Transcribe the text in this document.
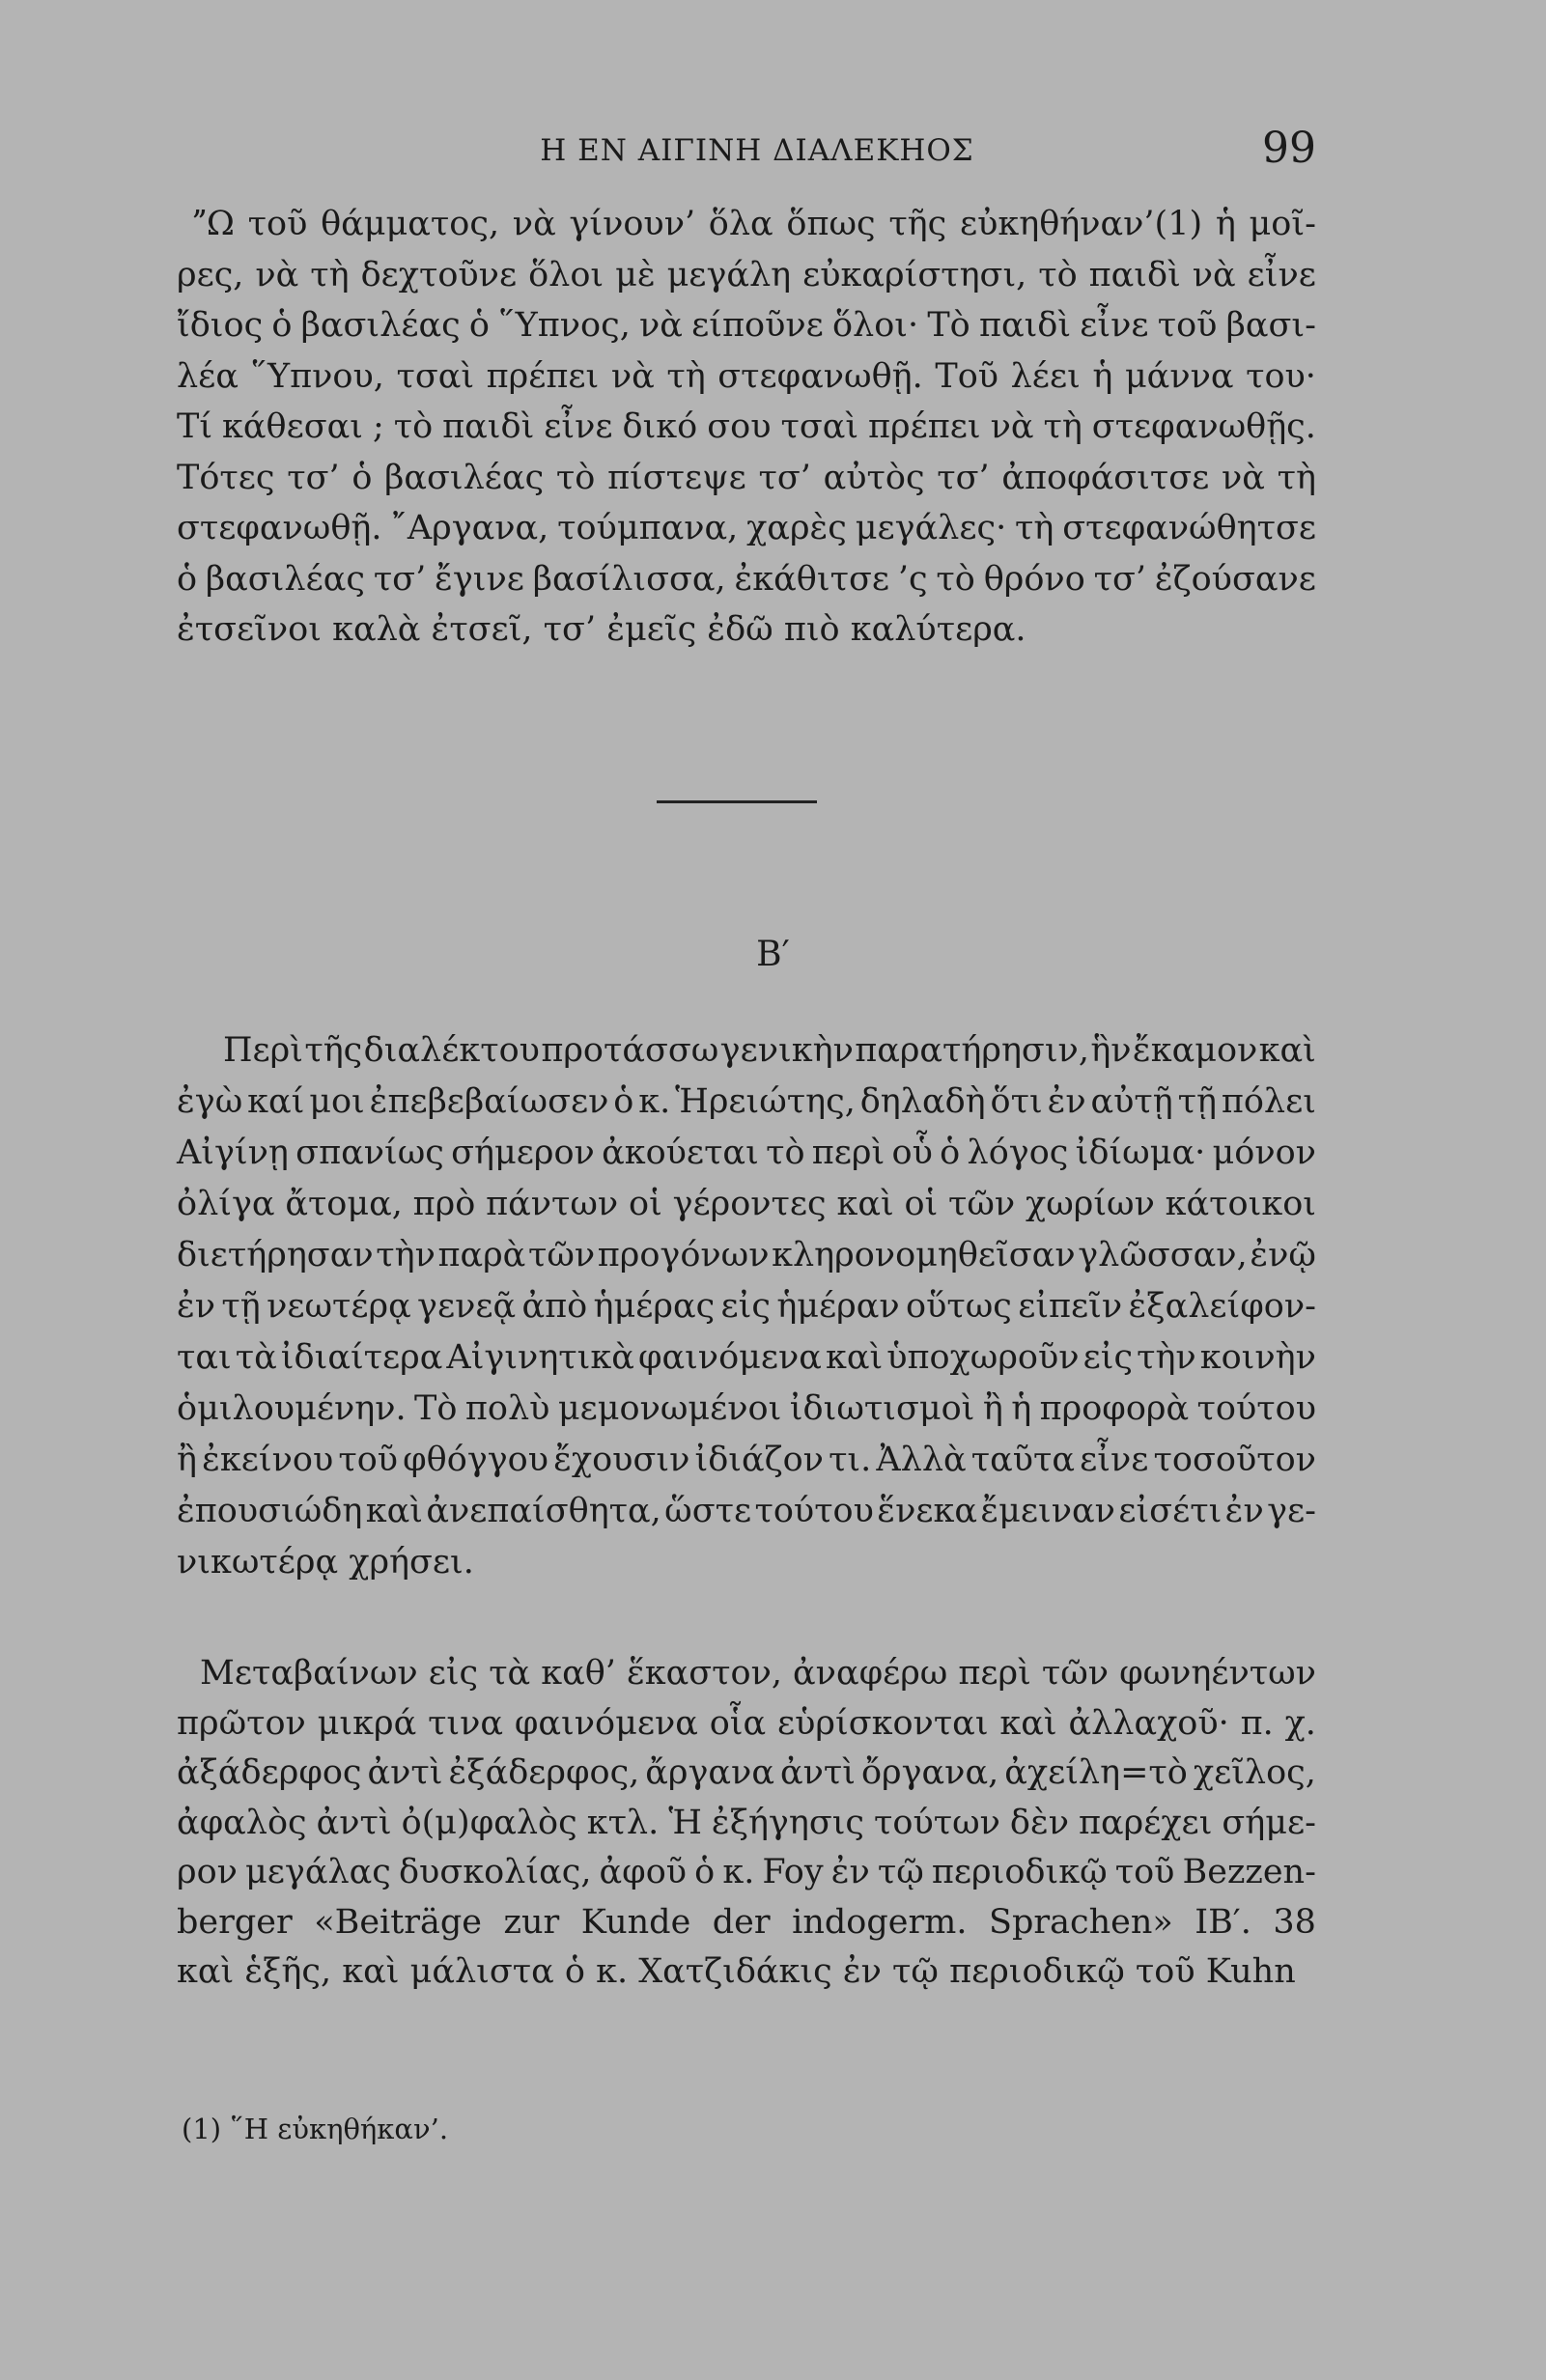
Η ΕΝ ΑΙΓΙΝΗ ΔΙΑΛΕΚΗΟΣ	99
ˮΩ τοῦ θάμματος, νὰ γίνουν’ ὅλα ὅπως τῆς εὐκηθήναν’(1) ἡ μοῖ-
ρες, νὰ τὴ δεχτοῦνε ὅλοι μὲ μεγάλη εὐκαρίστησι, τὸ παιδὶ νὰ εἶνε
ἴδιος ὁ βασιλέας ὁ ῞Υπνος, νὰ είποῦνε ὅλοι· Τὸ παιδὶ εἶνε τοῦ βασι-
λέα ῞Υπνου, τσαὶ πρέπει νὰ τὴ στεφανωθῇ. Τοῦ λέει ἡ μάννα του·
Τί κάθεσαι ; τὸ παιδὶ εἶνε δικό σου τσαὶ πρέπει νὰ τὴ στεφανωθῇς.
Τότες τσ’ ὁ βασιλέας τὸ πίστεψε τσ’ αὐτὸς τσ’ ἀποφάσιτσε νὰ τὴ
στεφανωθῇ. ῎Αργανα, τούμπανα, χαρὲς μεγάλες· τὴ στεφανώθητσε
ὁ βασιλέας τσ’ ἔγινε βασίλισσα, ἐκάθιτσε ’ς τὸ θρόνο τσ’ ἐζούσανε
ἐτσεῖνοι καλὰ ἐτσεῖ, τσ’ ἐμεῖς ἐδῶ πιὸ καλύτερα.
Β′
Περὶ τῆς διαλέκτου προτάσσω γενικὴν παρατήρησιν, ἣν ἔκαμον καὶ
ἐγὼ καί μοι ἐπεβεβαίωσεν ὁ κ. Ἡρειώτης, δηλαδὴ ὅτι ἐν αὐτῇ τῇ πόλει
Αἰγίνῃ σπανίως σήμερον ἀκούεται τὸ περὶ οὗ ὁ λόγος ἰδίωμα· μόνον
ὀλίγα ἄτομα, πρὸ πάντων οἱ γέροντες καὶ οἱ τῶν χωρίων κάτοικοι
διετήρησαν τὴν παρὰ τῶν προγόνων κληρονομηθεῖσαν γλῶσσαν, ἐνῷ
ἐν τῇ νεωτέρᾳ γενεᾷ ἀπὸ ἡμέρας εἰς ἡμέραν οὕτως εἰπεῖν ἐξαλείφον-
ται τὰ ἰδιαίτερα Αἰγινητικὰ φαινόμενα καὶ ὑποχωροῦν εἰς τὴν κοινὴν
ὁμιλουμένην. Τὸ πολὺ μεμονωμένοι ἰδιωτισμοὶ ἢ ἡ προφορὰ τούτου
ἢ ἐκείνου τοῦ φθόγγου ἔχουσιν ἰδιάζον τι. Ἀλλὰ ταῦτα εἶνε τοσοῦτον
ἐπουσιώδη καὶ ἀνεπαίσθητα, ὥστε τούτου ἕνεκα ἔμειναν εἰσέτι ἐν γε-
νικωτέρᾳ χρήσει.
Μεταβαίνων εἰς τὰ καθ’ ἕκαστον, ἀναφέρω περὶ τῶν φωνηέντων
πρῶτον μικρά τινα φαινόμενα οἷα εὑρίσκονται καὶ ἀλλαχοῦ· π. χ.
ἀξάδερφος ἀντὶ ἐξάδερφος, ἄργανα ἀντὶ ὄργανα, ἀχείλη=τὸ χεῖλος,
ἀφαλὸς ἀντὶ ὀ(μ)φαλὸς κτλ. Ἡ ἐξήγησις τούτων δὲν παρέχει σήμε-
ρον μεγάλας δυσκολίας, ἀφοῦ ὁ κ. Foy ἐν τῷ περιοδικῷ τοῦ Bezzen-
berger «Beiträge zur Kunde der indogerm. Sprachen» ΙΒ′. 38
καὶ ἑξῆς, καὶ μάλιστα ὁ κ. Χατζιδάκις ἐν τῷ περιοδικῷ τοῦ Kuhn
(1) ῞Η εὐκηθήκαν’.
